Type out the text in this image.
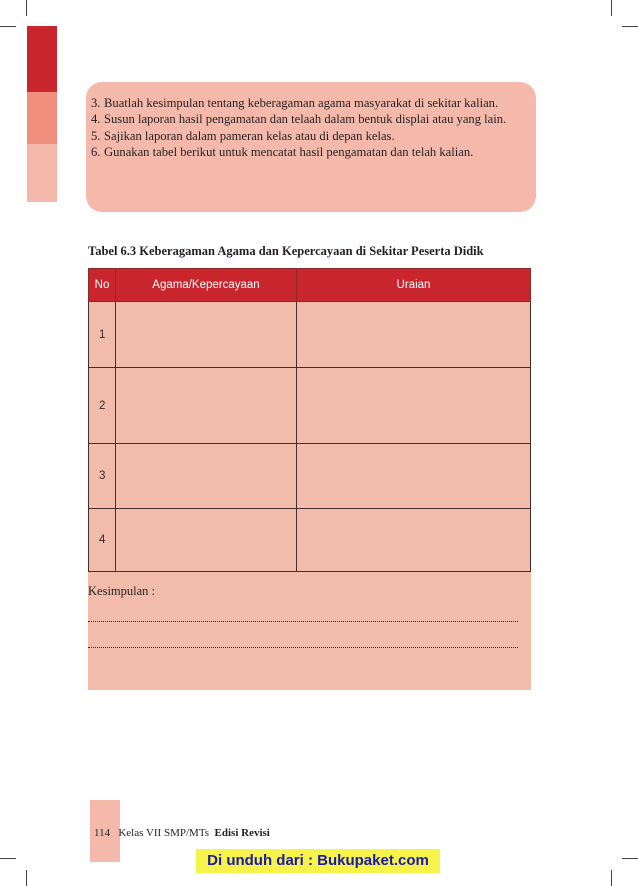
3. Buatlah kesimpulan tentang keberagaman agama masyarakat di sekitar kalian.
4. Susun laporan hasil pengamatan dan telaah dalam bentuk displai atau yang lain.
5. Sajikan laporan dalam pameran kelas atau di depan kelas.
6. Gunakan tabel berikut untuk mencatat hasil pengamatan dan telah kalian.
Tabel 6.3 Keberagaman Agama dan Kepercayaan di Sekitar Peserta Didik
No	Agama/Kepercayaan	Uraian
1		
2		
3		
4		
Kesimpulan :
114 Kelas VII SMP/MTs Edisi Revisi
Di unduh dari : Bukupaket.com
